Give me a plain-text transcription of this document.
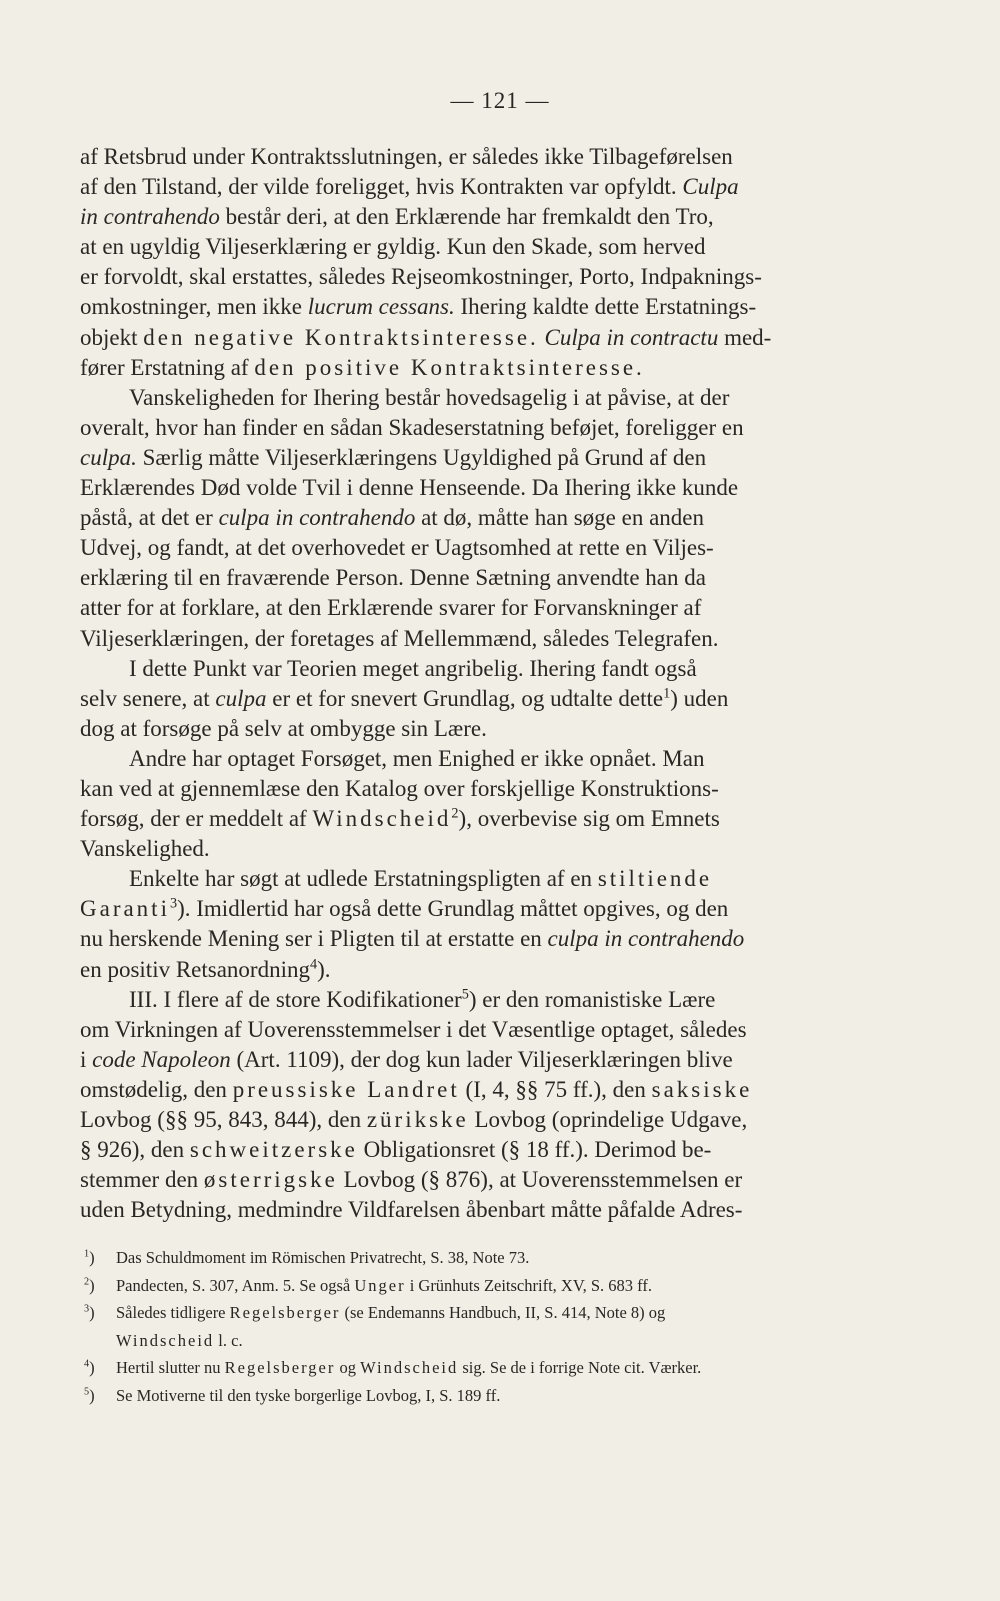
— 121 —
af Retsbrud under Kontraktsslutningen, er således ikke Tilbageførelsen
af den Tilstand, der vilde foreligget, hvis Kontrakten var opfyldt. Culpa
in contrahendo består deri, at den Erklærende har fremkaldt den Tro,
at en ugyldig Viljeserklæring er gyldig. Kun den Skade, som herved
er forvoldt, skal erstattes, således Rejseomkostninger, Porto, Indpaknings-
omkostninger, men ikke lucrum cessans. Ihering kaldte dette Erstatnings-
objekt den negative Kontraktsinteresse. Culpa in contractu med-
fører Erstatning af den positive Kontraktsinteresse.
Vanskeligheden for Ihering består hovedsagelig i at påvise, at der
overalt, hvor han finder en sådan Skadeserstatning beføjet, foreligger en
culpa. Særlig måtte Viljeserklæringens Ugyldighed på Grund af den
Erklærendes Død volde Tvil i denne Henseende. Da Ihering ikke kunde
påstå, at det er culpa in contrahendo at dø, måtte han søge en anden
Udvej, og fandt, at det overhovedet er Uagtsomhed at rette en Viljes-
erklæring til en fraværende Person. Denne Sætning anvendte han da
atter for at forklare, at den Erklærende svarer for Forvanskninger af
Viljeserklæringen, der foretages af Mellemmænd, således Telegrafen.
I dette Punkt var Teorien meget angribelig. Ihering fandt også
selv senere, at culpa er et for snevert Grundlag, og udtalte dette$^1$) uden
dog at forsøge på selv at ombygge sin Lære.
Andre har optaget Forsøget, men Enighed er ikke opnået. Man
kan ved at gjennemlæse den Katalog over forskjellige Konstruktions-
forsøg, der er meddelt af Windscheid$^2$), overbevise sig om Emnets
Vanskelighed.
Enkelte har søgt at udlede Erstatningspligten af en stiltiende
Garanti$^3$). Imidlertid har også dette Grundlag måttet opgives, og den
nu herskende Mening ser i Pligten til at erstatte en culpa in contrahendo
en positiv Retsanordning$^4$).
III. I flere af de store Kodifikationer$^5$) er den romanistiske Lære
om Virkningen af Uoverensstemmelser i det Væsentlige optaget, således
i code Napoleon (Art. 1109), der dog kun lader Viljeserklæringen blive
omstødelig, den preussiske Landret (I, 4, §§ 75 ff.), den saksiske
Lovbog (§§ 95, 843, 844), den zürikske Lovbog (oprindelige Udgave,
§ 926), den schweitzerske Obligationsret (§ 18 ff.). Derimod be-
stemmer den østerrigske Lovbog (§ 876), at Uoverensstemmelsen er
uden Betydning, medmindre Vildfarelsen åbenbart måtte påfalde Adres-
$^1$) Das Schuldmoment im Römischen Privatrecht, S. 38, Note 73.
$^2$) Pandecten, S. 307, Anm. 5. Se også Unger i Grünhuts Zeitschrift, XV, S. 683 ff.
$^3$) Således tidligere Regelsberger (se Endemanns Handbuch, II, S. 414, Note 8) og
Windscheid l. c.
$^4$) Hertil slutter nu Regelsberger og Windscheid sig. Se de i forrige Note cit. Værker.
$^5$) Se Motiverne til den tyske borgerlige Lovbog, I, S. 189 ff.
